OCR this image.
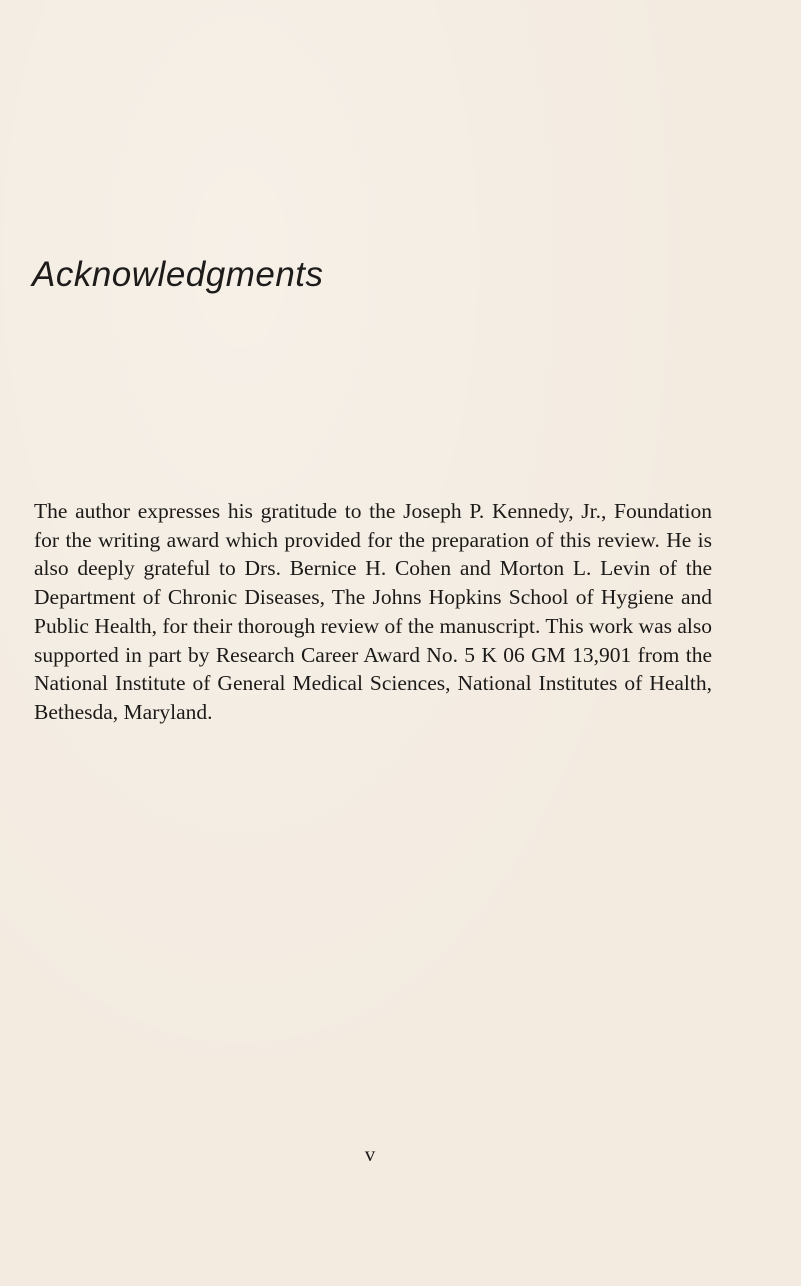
Acknowledgments

The author expresses his gratitude to the Joseph P. Kennedy, Jr., Foundation for the writing award which provided for the preparation of this review. He is also deeply grateful to Drs. Bernice H. Cohen and Morton L. Levin of the Department of Chronic Diseases, The Johns Hopkins School of Hygiene and Public Health, for their thorough review of the manuscript. This work was also supported in part by Research Career Award No. 5 K 06 GM 13,901 from the National Institute of General Medical Sciences, National Institutes of Health, Bethesda, Maryland.

v
